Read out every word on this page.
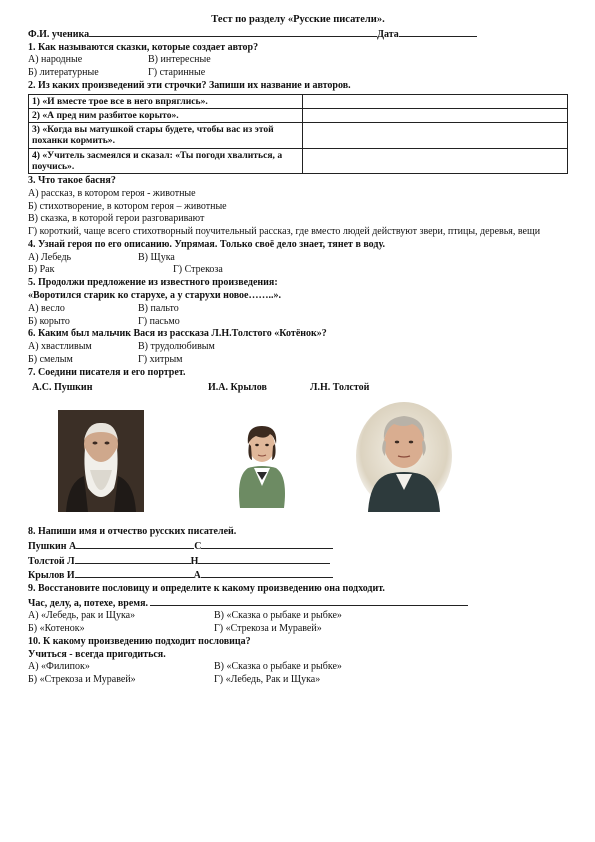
Тест по разделу «Русские писатели».
Ф.И. ученика	Дата
1. Как называются сказки, которые создает автор?
А) народные	В) интересные
Б) литературные	Г) старинные
2. Из каких произведений эти строчки? Запиши их название и авторов.
1) «И вместе трое все в него впряглись».	
2) «А пред ним разбитое корыто».	
3) «Когда вы матушкой стары будете, чтобы вас из этой поханки кормить».	
4) «Учитель засмеялся и сказал: «Ты погоди хвалиться, а поучись».	
3. Что такое басня?
А) рассказ, в котором героя - животные
Б) стихотворение, в котором героя – животные
В) сказка, в которой герои разговаривают
Г) короткий, чаще всего стихотворный поучительный рассказ, где вместо людей действуют звери, птицы, деревья, вещи
4. Узнай героя по его описанию. Упрямая. Только своё дело знает, тянет в воду.
А) Лебедь	В) Щука
Б) Рак	Г) Стрекоза
5. Продолжи предложение из известного произведения:
«Воротился старик ко старухе, а у старухи новое……..».
А) весло	В) пальто
Б) корыто	Г) пасьмо
6. Каким был мальчик Вася из рассказа Л.Н.Толстого «Котёнок»?
А) хвастливым	В) трудолюбивым
Б) смелым	Г) хитрым
7. Соедини писателя и его портрет.
А.С. Пушкин	И.А. Крылов	Л.Н. Толстой
8. Напиши имя и отчество русских писателей.
Пушкин А	С
Толстой Л	Н
Крылов И	А
9. Восстановите пословицу и определите к какому произведению она подходит.
Час, делу, а, потехе, время.
А) «Лебедь, рак и Щука»	В) «Сказка о рыбаке и рыбке»
Б) «Котенок»	Г) «Стрекоза и Муравей»
10. К какому произведению подходит пословица?
Учиться - всегда пригодиться.
А) «Филипок»	В) «Сказка о рыбаке и рыбке»
Б) «Стрекоза и Муравей»	Г) «Лебедь, Рак и Щука»
